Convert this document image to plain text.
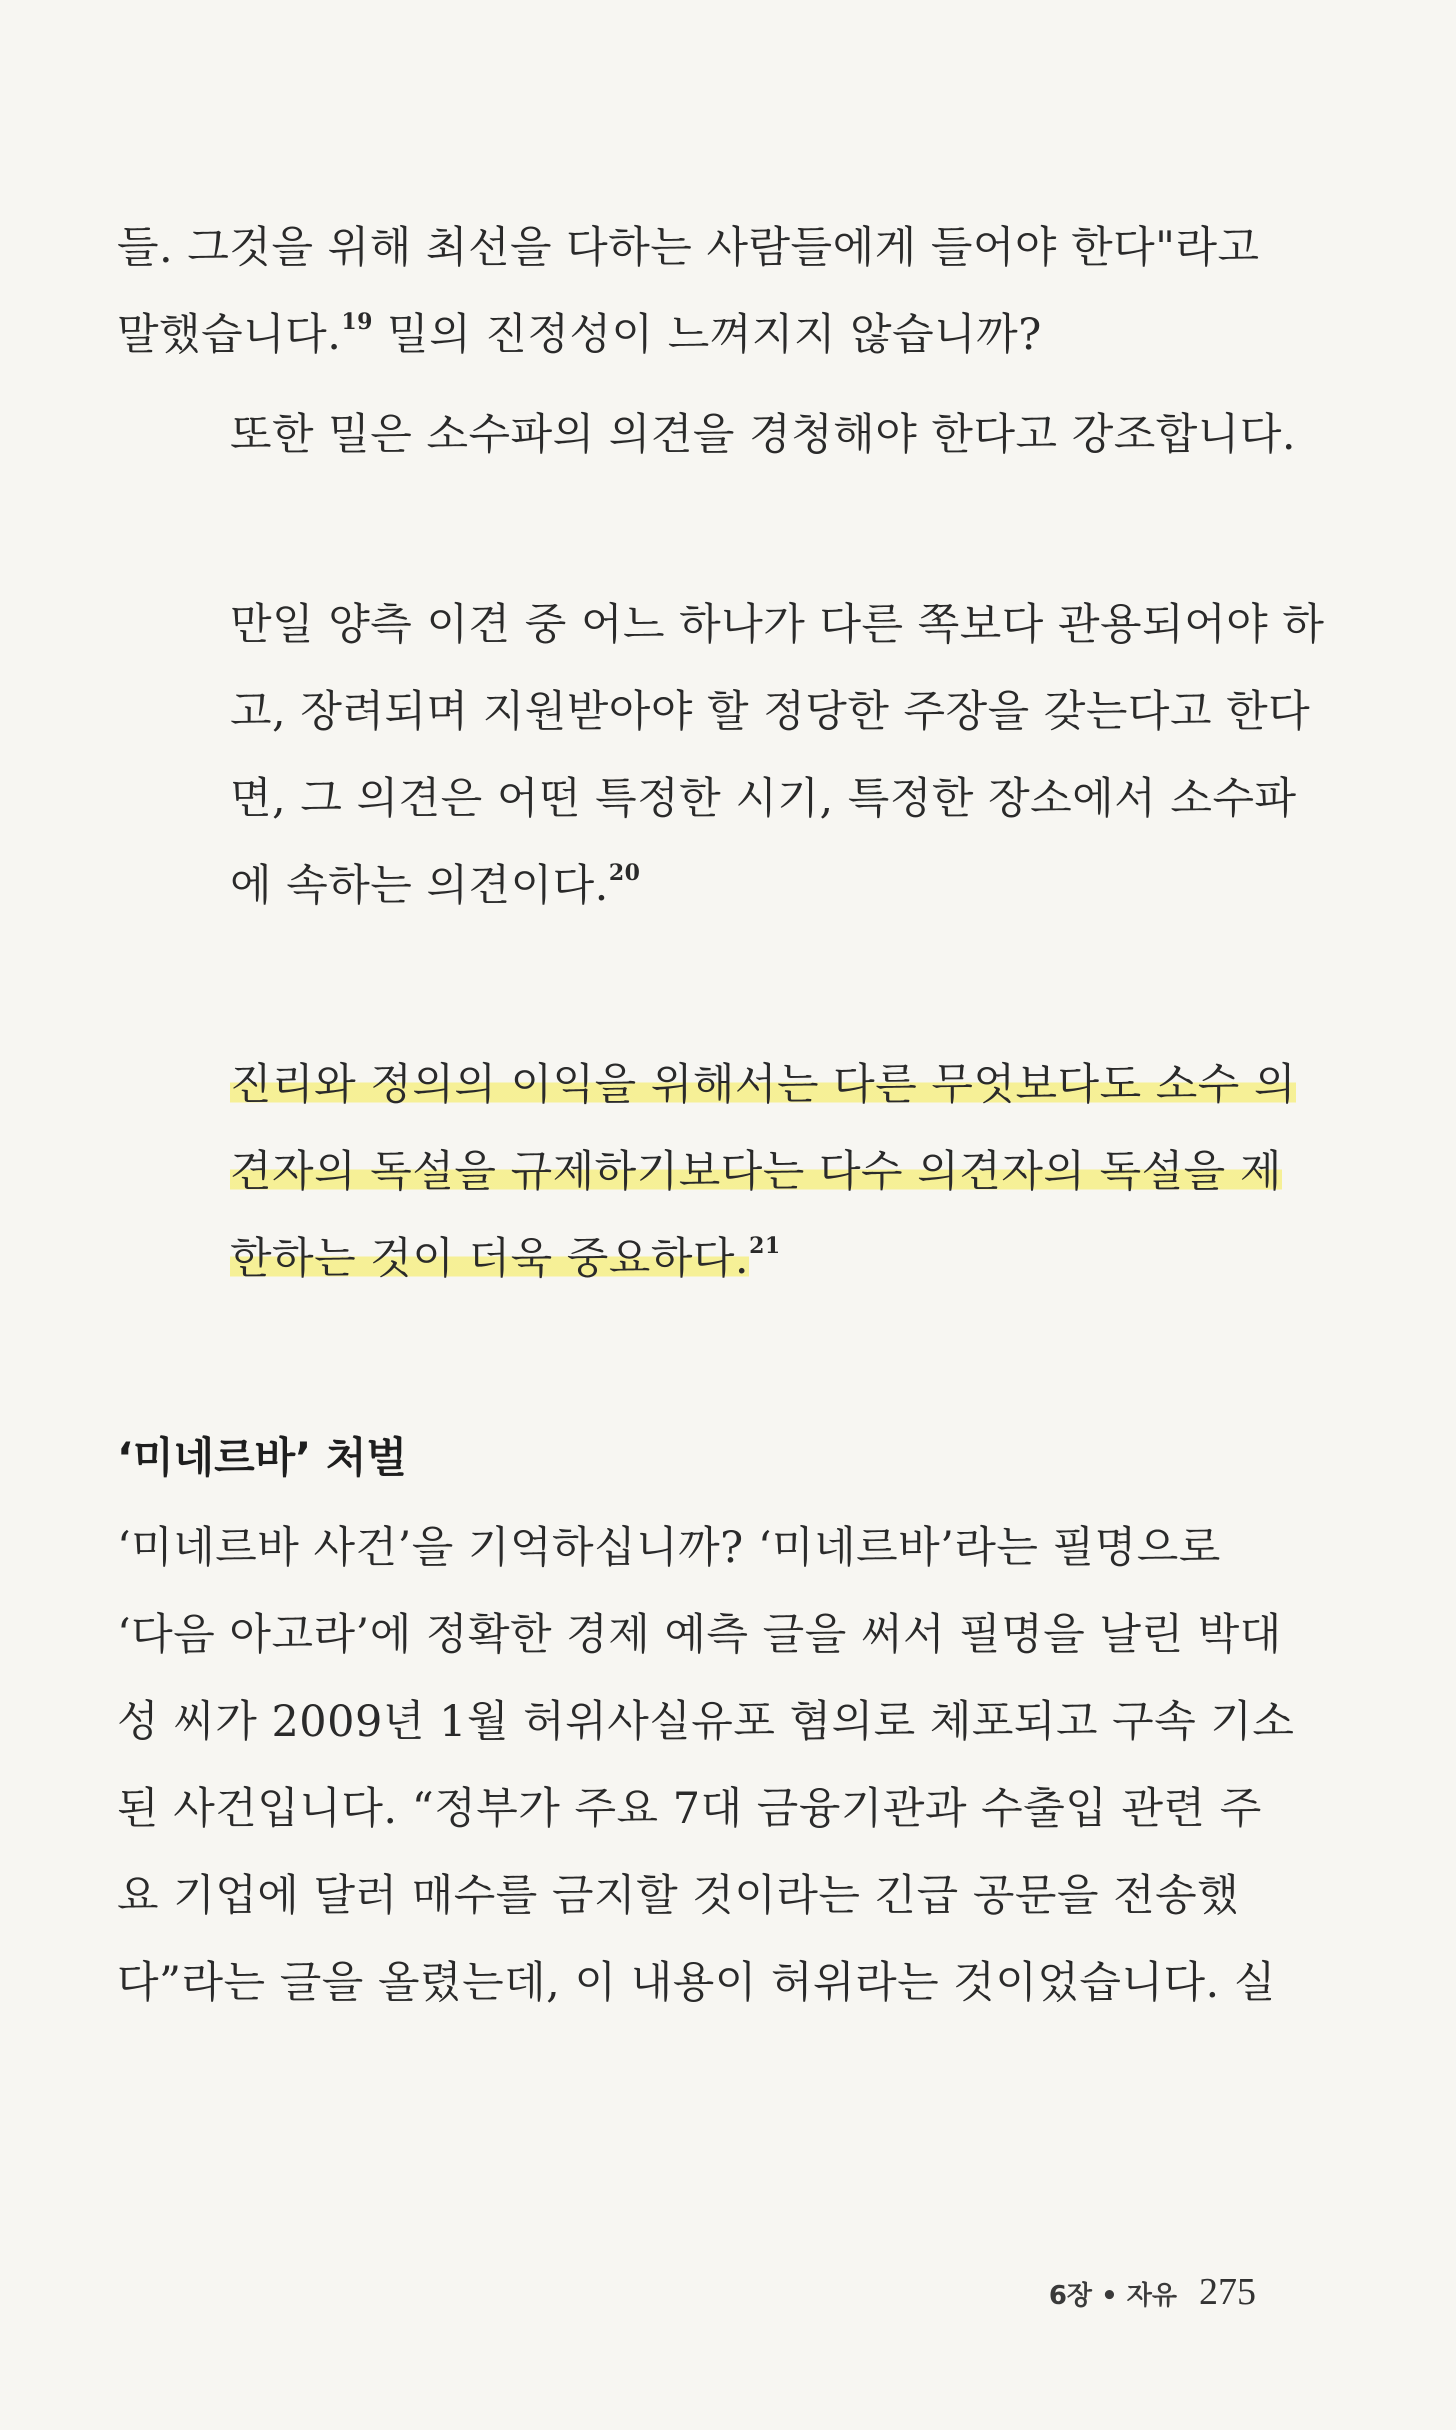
들. 그것을 위해 최선을 다하는 사람들에게 들어야 한다"라고
말했습니다.$^{19}$ 밀의 진정성이 느껴지지 않습니까?
또한 밀은 소수파의 의견을 경청해야 한다고 강조합니다.
만일 양측 이견 중 어느 하나가 다른 쪽보다 관용되어야 하
고, 장려되며 지원받아야 할 정당한 주장을 갖는다고 한다
면, 그 의견은 어떤 특정한 시기, 특정한 장소에서 소수파
에 속하는 의견이다.$^{20}$
진리와 정의의 이익을 위해서는 다른 무엇보다도 소수 의
견자의 독설을 규제하기보다는 다수 의견자의 독설을 제
한하는 것이 더욱 중요하다.$^{21}$
‘미네르바’ 처벌
‘미네르바 사건’을 기억하십니까? ‘미네르바’라는 필명으로
‘다음 아고라’에 정확한 경제 예측 글을 써서 필명을 날린 박대
성 씨가 2009년 1월 허위사실유포 혐의로 체포되고 구속 기소
된 사건입니다. “정부가 주요 7대 금융기관과 수출입 관련 주
요 기업에 달러 매수를 금지할 것이라는 긴급 공문을 전송했
다”라는 글을 올렸는데, 이 내용이 허위라는 것이었습니다. 실
6장 • 자유 275
